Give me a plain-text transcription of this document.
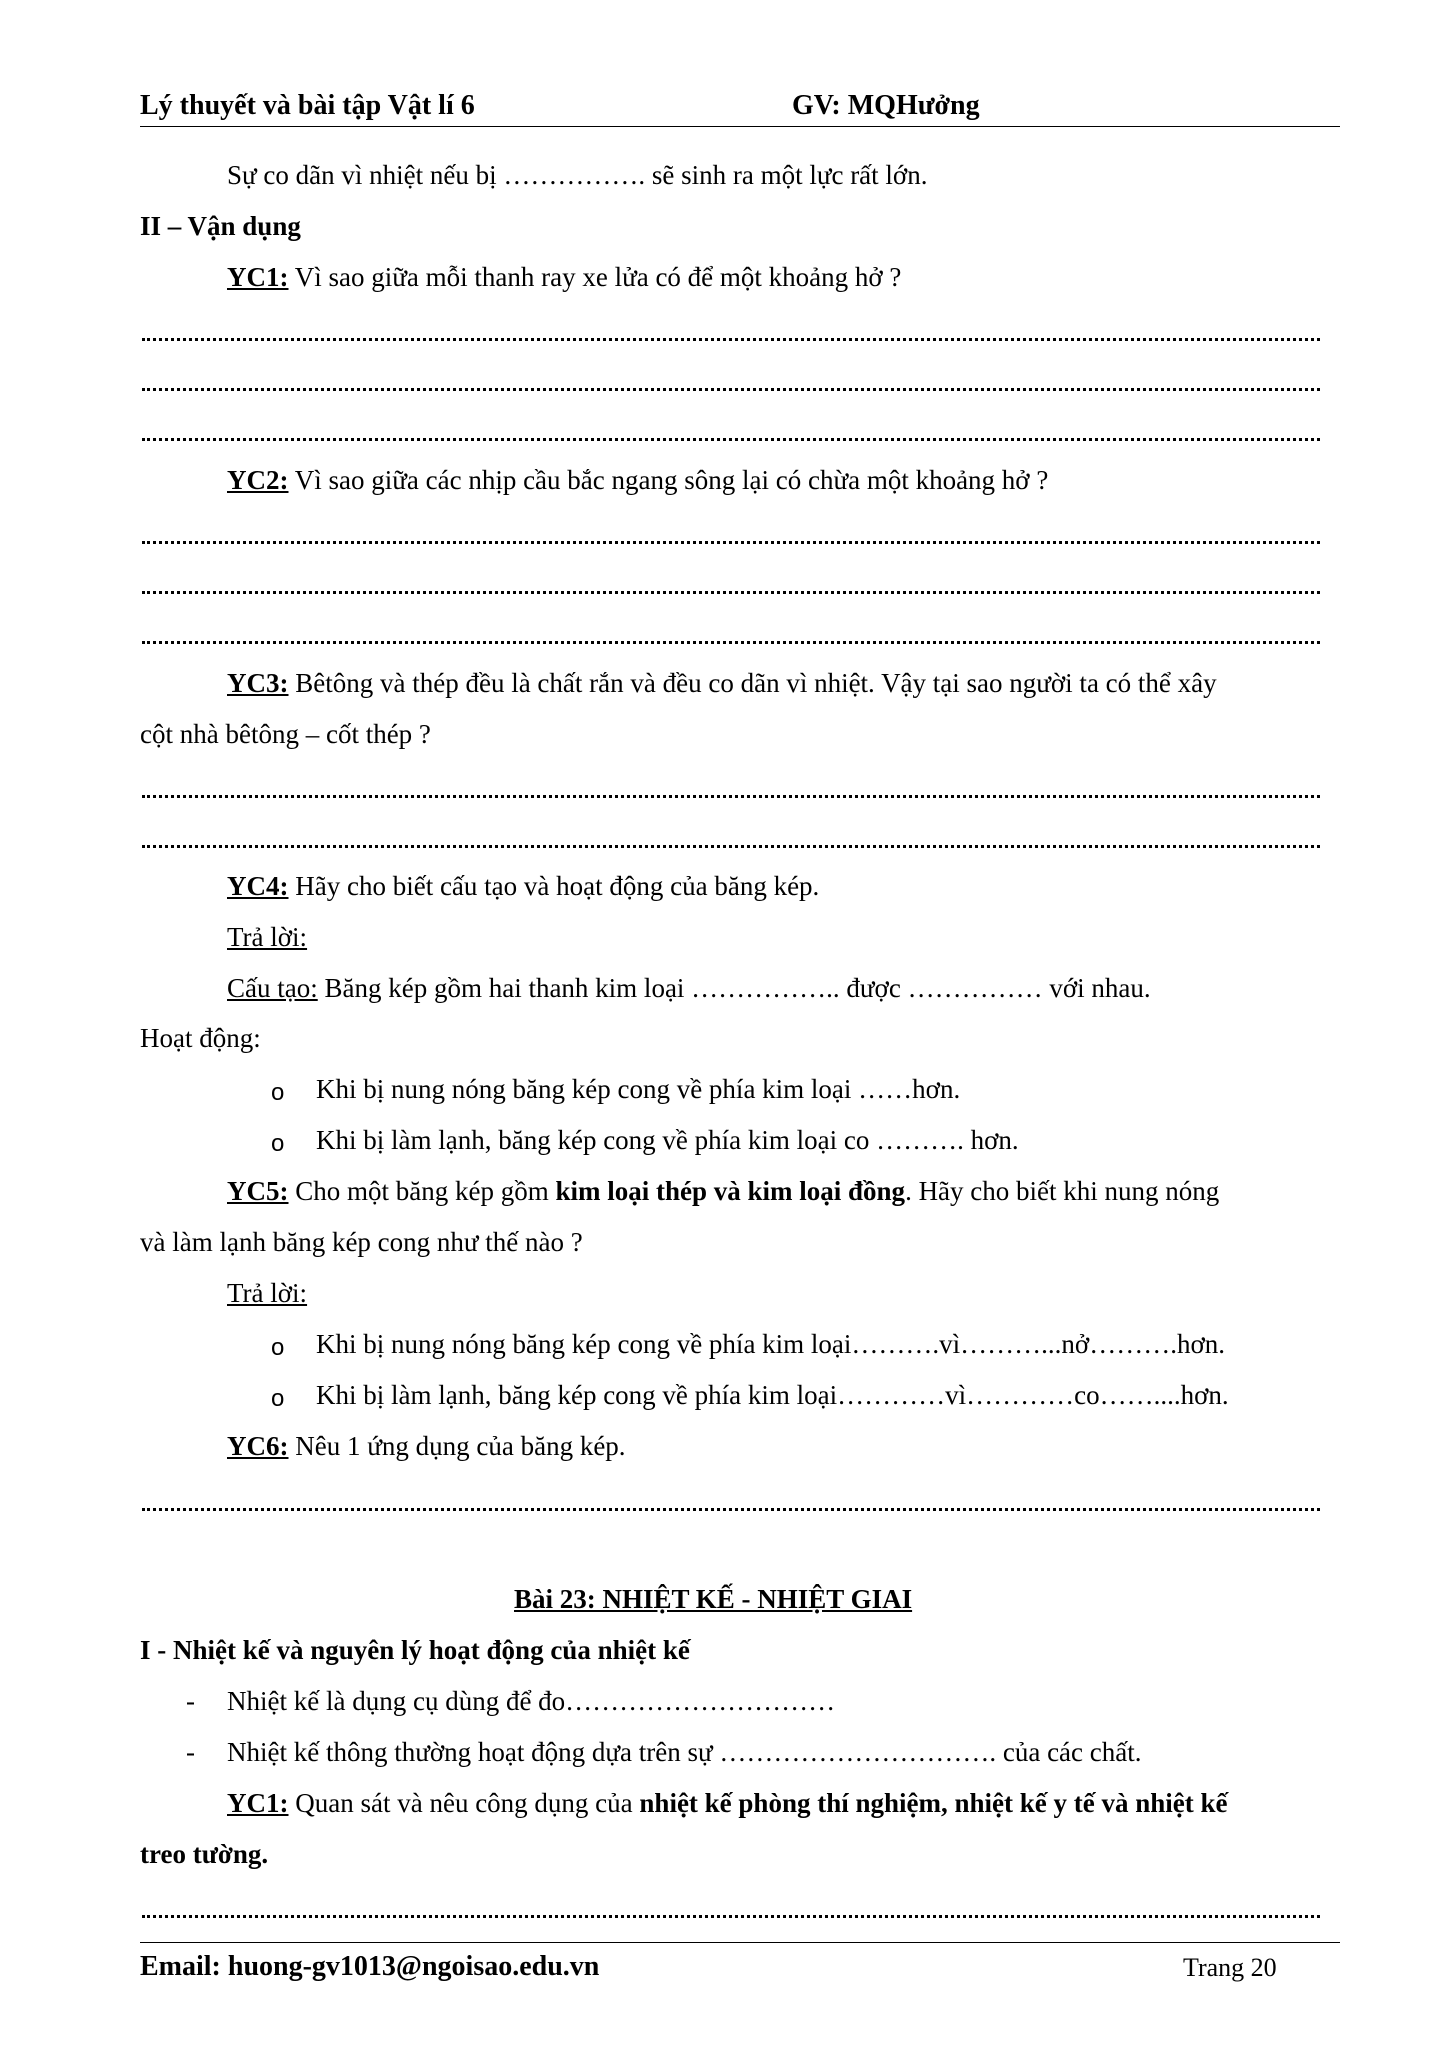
Lý thuyết và bài tập Vật lí 6	GV: MQHưởng
Sự co dãn vì nhiệt nếu bị ……………. sẽ sinh ra một lực rất lớn.
II – Vận dụng
YC1: Vì sao giữa mỗi thanh ray xe lửa có để một khoảng hở ?
YC2: Vì sao giữa các nhịp cầu bắc ngang sông lại có chừa một khoảng hở ?
YC3: Bêtông và thép đều là chất rắn và đều co dãn vì nhiệt. Vậy tại sao người ta có thể xây
cột nhà bêtông – cốt thép ?
YC4: Hãy cho biết cấu tạo và hoạt động của băng kép.
Trả lời:
Cấu tạo: Băng kép gồm hai thanh kim loại …………….. được …………… với nhau.
Hoạt động:
o Khi bị nung nóng băng kép cong về phía kim loại ……hơn.
o Khi bị làm lạnh, băng kép cong về phía kim loại co ………. hơn.
YC5: Cho một băng kép gồm kim loại thép và kim loại đồng. Hãy cho biết khi nung nóng
và làm lạnh băng kép cong như thế nào ?
Trả lời:
o Khi bị nung nóng băng kép cong về phía kim loại……….vì………...nở……….hơn.
o Khi bị làm lạnh, băng kép cong về phía kim loại…………vì…………co……....hơn.
YC6: Nêu 1 ứng dụng của băng kép.
Bài 23: NHIỆT KẾ - NHIỆT GIAI
I - Nhiệt kế và nguyên lý hoạt động của nhiệt kế
- Nhiệt kế là dụng cụ dùng để đo…………………………
- Nhiệt kế thông thường hoạt động dựa trên sự …………………………. của các chất.
YC1: Quan sát và nêu công dụng của nhiệt kế phòng thí nghiệm, nhiệt kế y tế và nhiệt kế
treo tường.
Email: huong-gv1013@ngoisao.edu.vn	Trang 20
